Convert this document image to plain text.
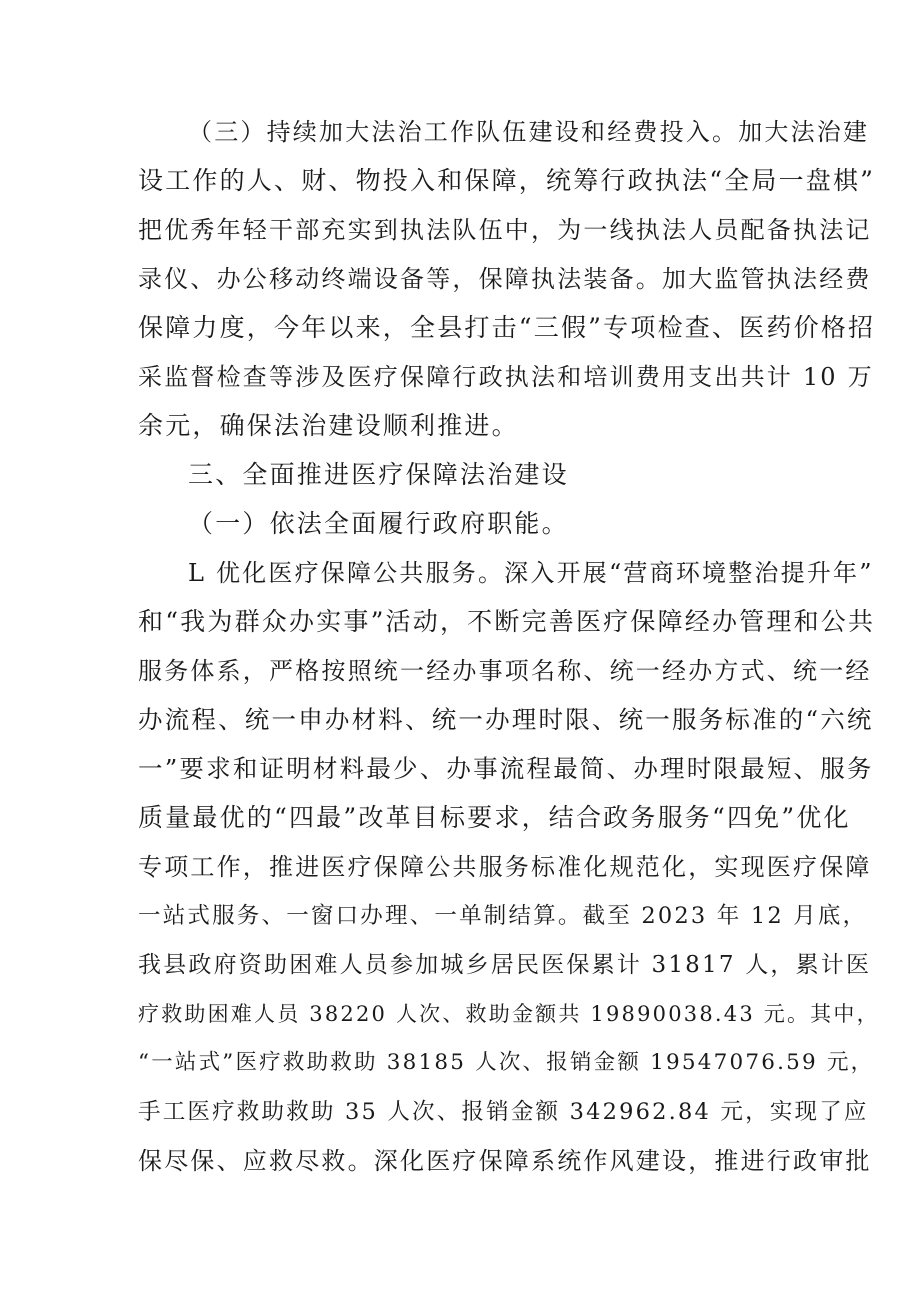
（三）持续加大法治工作队伍建设和经费投入。加大法治建
设工作的人、财、物投入和保障，统筹行政执法“全局一盘棋”
把优秀年轻干部充实到执法队伍中，为一线执法人员配备执法记
录仪、办公移动终端设备等，保障执法装备。加大监管执法经费
保障力度，今年以来，全县打击“三假”专项检查、医药价格招
采监督检查等涉及医疗保障行政执法和培训费用支出共计 10 万
余元，确保法治建设顺利推进。
三、全面推进医疗保障法治建设
（一）依法全面履行政府职能。
L 优化医疗保障公共服务。深入开展“营商环境整治提升年”
和“我为群众办实事”活动，不断完善医疗保障经办管理和公共
服务体系，严格按照统一经办事项名称、统一经办方式、统一经
办流程、统一申办材料、统一办理时限、统一服务标准的“六统
一”要求和证明材料最少、办事流程最简、办理时限最短、服务
质量最优的“四最”改革目标要求，结合政务服务“四免”优化
专项工作，推进医疗保障公共服务标准化规范化，实现医疗保障
一站式服务、一窗口办理、一单制结算。截至 2023 年 12 月底，
我县政府资助困难人员参加城乡居民医保累计 31817 人，累计医
疗救助困难人员 38220 人次、救助金额共 19890038.43 元。其中，
“一站式”医疗救助救助 38185 人次、报销金额 19547076.59 元，
手工医疗救助救助 35 人次、报销金额 342962.84 元，实现了应
保尽保、应救尽救。深化医疗保障系统作风建设，推进行政审批
